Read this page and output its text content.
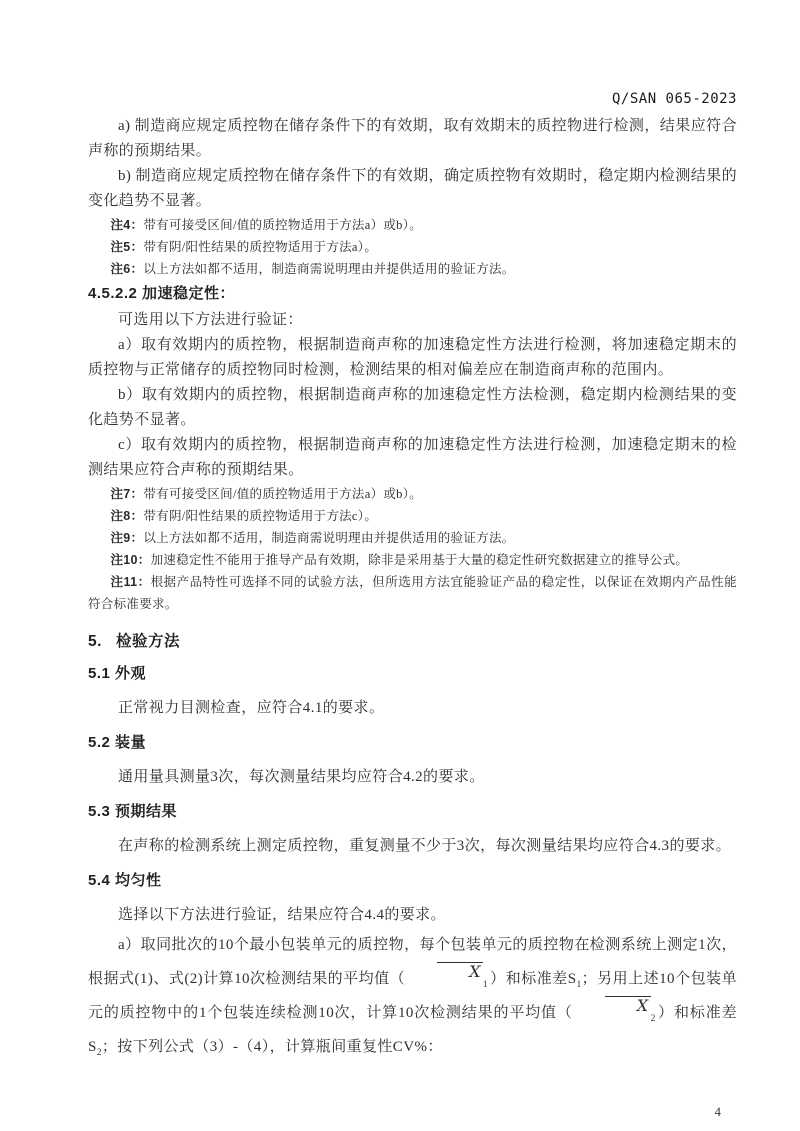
Q/SAN 065-2023

a) 制造商应规定质控物在储存条件下的有效期，取有效期末的质控物进行检测，结果应符合声称的预期结果。

b) 制造商应规定质控物在储存条件下的有效期，确定质控物有效期时，稳定期内检测结果的变化趋势不显著。

注4：带有可接受区间/值的质控物适用于方法a）或b）。

注5：带有阴/阳性结果的质控物适用于方法a）。

注6：以上方法如都不适用，制造商需说明理由并提供适用的验证方法。

4.5.2.2 加速稳定性：

可选用以下方法进行验证：

a）取有效期内的质控物，根据制造商声称的加速稳定性方法进行检测，将加速稳定期末的质控物与正常储存的质控物同时检测，检测结果的相对偏差应在制造商声称的范围内。

b）取有效期内的质控物，根据制造商声称的加速稳定性方法检测，稳定期内检测结果的变化趋势不显著。

c）取有效期内的质控物，根据制造商声称的加速稳定性方法进行检测，加速稳定期末的检测结果应符合声称的预期结果。

注7：带有可接受区间/值的质控物适用于方法a）或b）。

注8：带有阴/阳性结果的质控物适用于方法c）。

注9：以上方法如都不适用，制造商需说明理由并提供适用的验证方法。

注10：加速稳定性不能用于推导产品有效期，除非是采用基于大量的稳定性研究数据建立的推导公式。

注11：根据产品特性可选择不同的试验方法，但所选用方法宜能验证产品的稳定性，以保证在效期内产品性能符合标准要求。

5. 检验方法
5.1 外观

正常视力目测检查，应符合4.1的要求。

5.2 装量

通用量具测量3次，每次测量结果均应符合4.2的要求。

5.3 预期结果

在声称的检测系统上测定质控物，重复测量不少于3次，每次测量结果均应符合4.3的要求。

5.4 均匀性

选择以下方法进行验证，结果应符合4.4的要求。

a）取同批次的10个最小包装单元的质控物，每个包装单元的质控物在检测系统上测定1次，根据式(1)、式(2)计算10次检测结果的平均值（	$X_1$ ）和标准差$S_1$；另用上述10个包装单元的质控物中的1个包装连续检测10次，计算10次检测结果的平均值（	$X_2$ ）和标准差$S_2$；按下列公式（3）-（4），计算瓶间重复性CV%：

4
